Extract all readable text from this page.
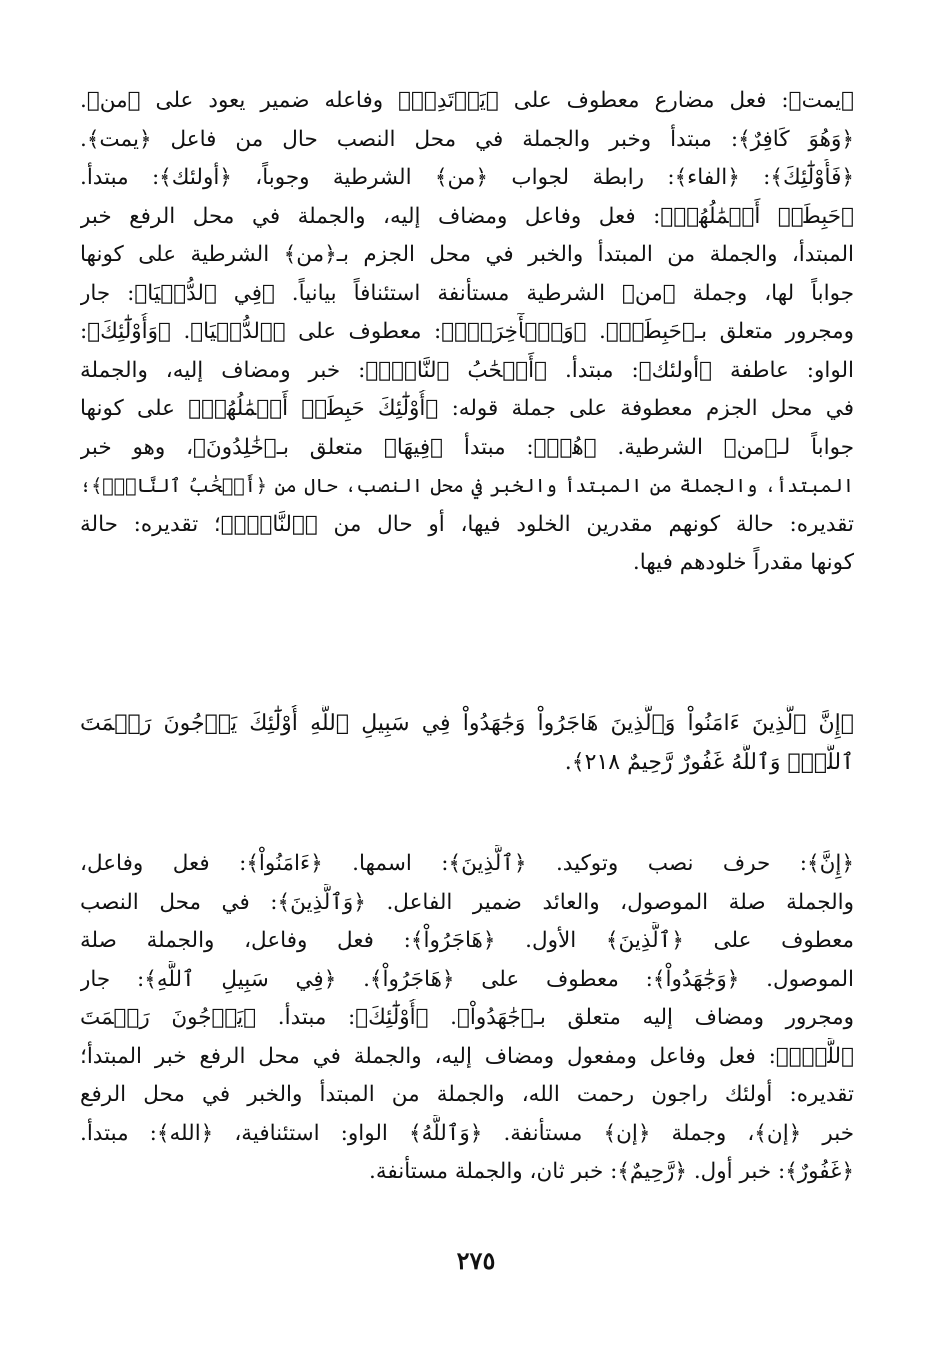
﴿يمت﴾: فعل مضارع معطوف على ﴿يَرۡتَدِدۡ﴾ وفاعله ضمير يعود على ﴿من﴾.
﴿وَهُوَ كَافِرٌ﴾: مبتدأ وخبر والجملة في محل النصب حال من فاعل ﴿يمت﴾.
﴿فَأُوْلَٰٓئِكَ﴾: ﴿الفاء﴾: رابطة لجواب ﴿من﴾ الشرطية وجوباً، ﴿أولئك﴾: مبتدأ.
﴿حَبِطَتۡ أَعۡمَٰلُهُمۡ﴾: فعل وفاعل ومضاف إليه، والجملة في محل الرفع خبر
المبتدأ، والجملة من المبتدأ والخبر في محل الجزم بـ﴿من﴾ الشرطية على كونها
جواباً لها، وجملة ﴿من﴾ الشرطية مستأنفة استئنافاً بيانياً. ﴿فِي ٱلدُّنۡيَا﴾: جار
ومجرور متعلق بـ﴿حَبِطَتۡ﴾. ﴿وَٱلۡأٓخِرَةِۖ﴾: معطوف على ﴿ٱلدُّنۡيَا﴾. ﴿وَأُوْلَٰٓئِكَ﴾:
الواو: عاطفة ﴿أولئك﴾: مبتدأ. ﴿أَصۡحَٰبُ ٱلنَّارِۖ﴾: خبر ومضاف إليه، والجملة
في محل الجزم معطوفة على جملة قوله: ﴿أُوْلَٰٓئِكَ حَبِطَتۡ أَعۡمَٰلُهُمۡ﴾ على كونها
جواباً لـ﴿من﴾ الشرطية. ﴿هُمۡ﴾: مبتدأ ﴿فِيهَا﴾ متعلق بـ﴿خَٰلِدُونَ﴾، وهو خبر
المبتدأ، والجملة من المبتدأ والخبر في محل النصب، حال من ﴿أَصۡحَٰبُ ٱلنَّارِۖ﴾؛
تقديره: حالة كونهم مقدرين الخلود فيها، أو حال من ﴿ٱلنَّارِۖ﴾؛ تقديره: حالة
كونها مقدراً خلودهم فيها.
﴿إِنَّ ٱلَّذِينَ ءَامَنُواْ وَٱلَّذِينَ هَاجَرُواْ وَجَٰهَدُواْ فِي سَبِيلِ ٱللَّهِ أُوْلَٰٓئِكَ يَرۡجُونَ رَحۡمَتَ
ٱللَّهِۚ وَٱللَّهُ غَفُورٌ رَّحِيمٌ ٢١٨﴾.
﴿إِنَّ﴾: حرف نصب وتوكيد. ﴿ٱلَّذِينَ﴾: اسمها. ﴿ءَامَنُواْ﴾: فعل وفاعل،
والجملة صلة الموصول، والعائد ضمير الفاعل. ﴿وَٱلَّذِينَ﴾: في محل النصب
معطوف على ﴿ٱلَّذِينَ﴾ الأول. ﴿هَاجَرُواْ﴾: فعل وفاعل، والجملة صلة
الموصول. ﴿وَجَٰهَدُواْ﴾: معطوف على ﴿هَاجَرُواْ﴾. ﴿فِي سَبِيلِ ٱللَّهِ﴾: جار
ومجرور ومضاف إليه متعلق بـ﴿جَٰهَدُواْ﴾. ﴿أُوْلَٰٓئِكَ﴾: مبتدأ. ﴿يَرۡجُونَ رَحۡمَتَ
ٱللَّهِۚ﴾: فعل وفاعل ومفعول ومضاف إليه، والجملة في محل الرفع خبر المبتدأ؛
تقديره: أولئك راجون رحمت الله، والجملة من المبتدأ والخبر في محل الرفع
خبر ﴿إن﴾، وجملة ﴿إن﴾ مستأنفة. ﴿وَٱللَّهُ﴾ الواو: استئنافية، ﴿الله﴾: مبتدأ.
﴿غَفُورٌ﴾: خبر أول. ﴿رَّحِيمٌ﴾: خبر ثان، والجملة مستأنفة.
٢٧٥
